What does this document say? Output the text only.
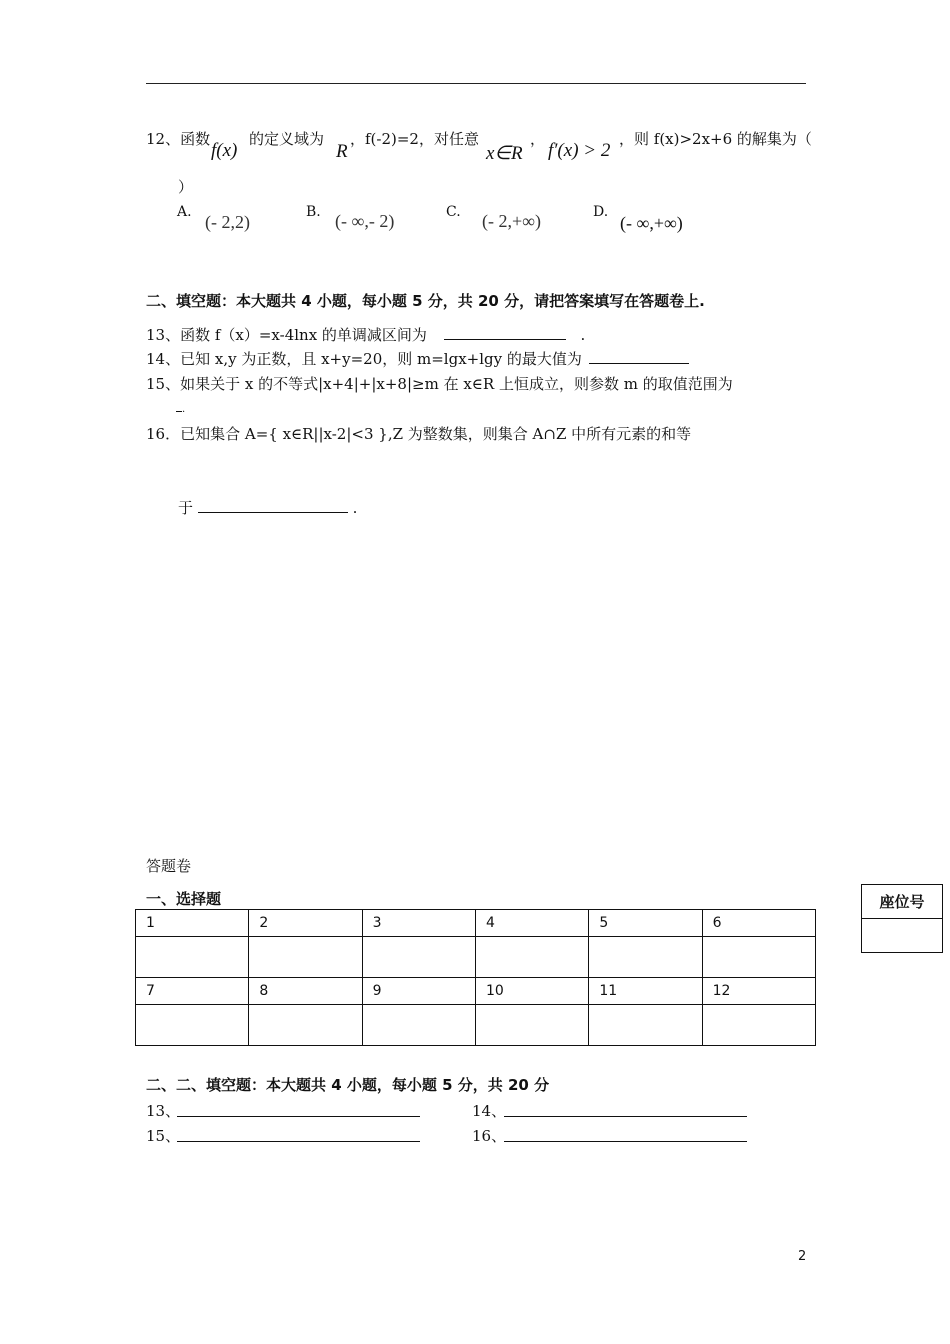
12、函数
f(x)
的定义域为
R
，f(-2)=2，对任意
x∈R
，
f′(x) > 2
，则 f(x)>2x+6 的解集为（
）
A. (- 2,2)	B. (- ∞,- 2)	C. (- 2,+∞)	D.
(- ∞,+∞)
二、填空题：本大题共 4 小题，每小题 5 分，共 20 分，请把答案填写在答题卷上.
13、函数 f（x）=x-4lnx 的单调减区间为	.
14、已知 x,y 为正数，且 x+y=20，则 m=lgx+lgy 的最大值为
15、如果关于 x 的不等式|x+4|+|x+8|≥m 在 x∈R 上恒成立，则参数 m 的取值范围为
.
16．已知集合 A={ x∈R||x-2|<3 },Z 为整数集，则集合 A∩Z 中所有元素的和等
于	.
答题卷
一、选择题
1	2	3	4	5	6

7	8	9	10	11	12

座位号

二、二、填空题：本大题共 4 小题，每小题 5 分，共 20 分
13、	14、
15、	16、
2
